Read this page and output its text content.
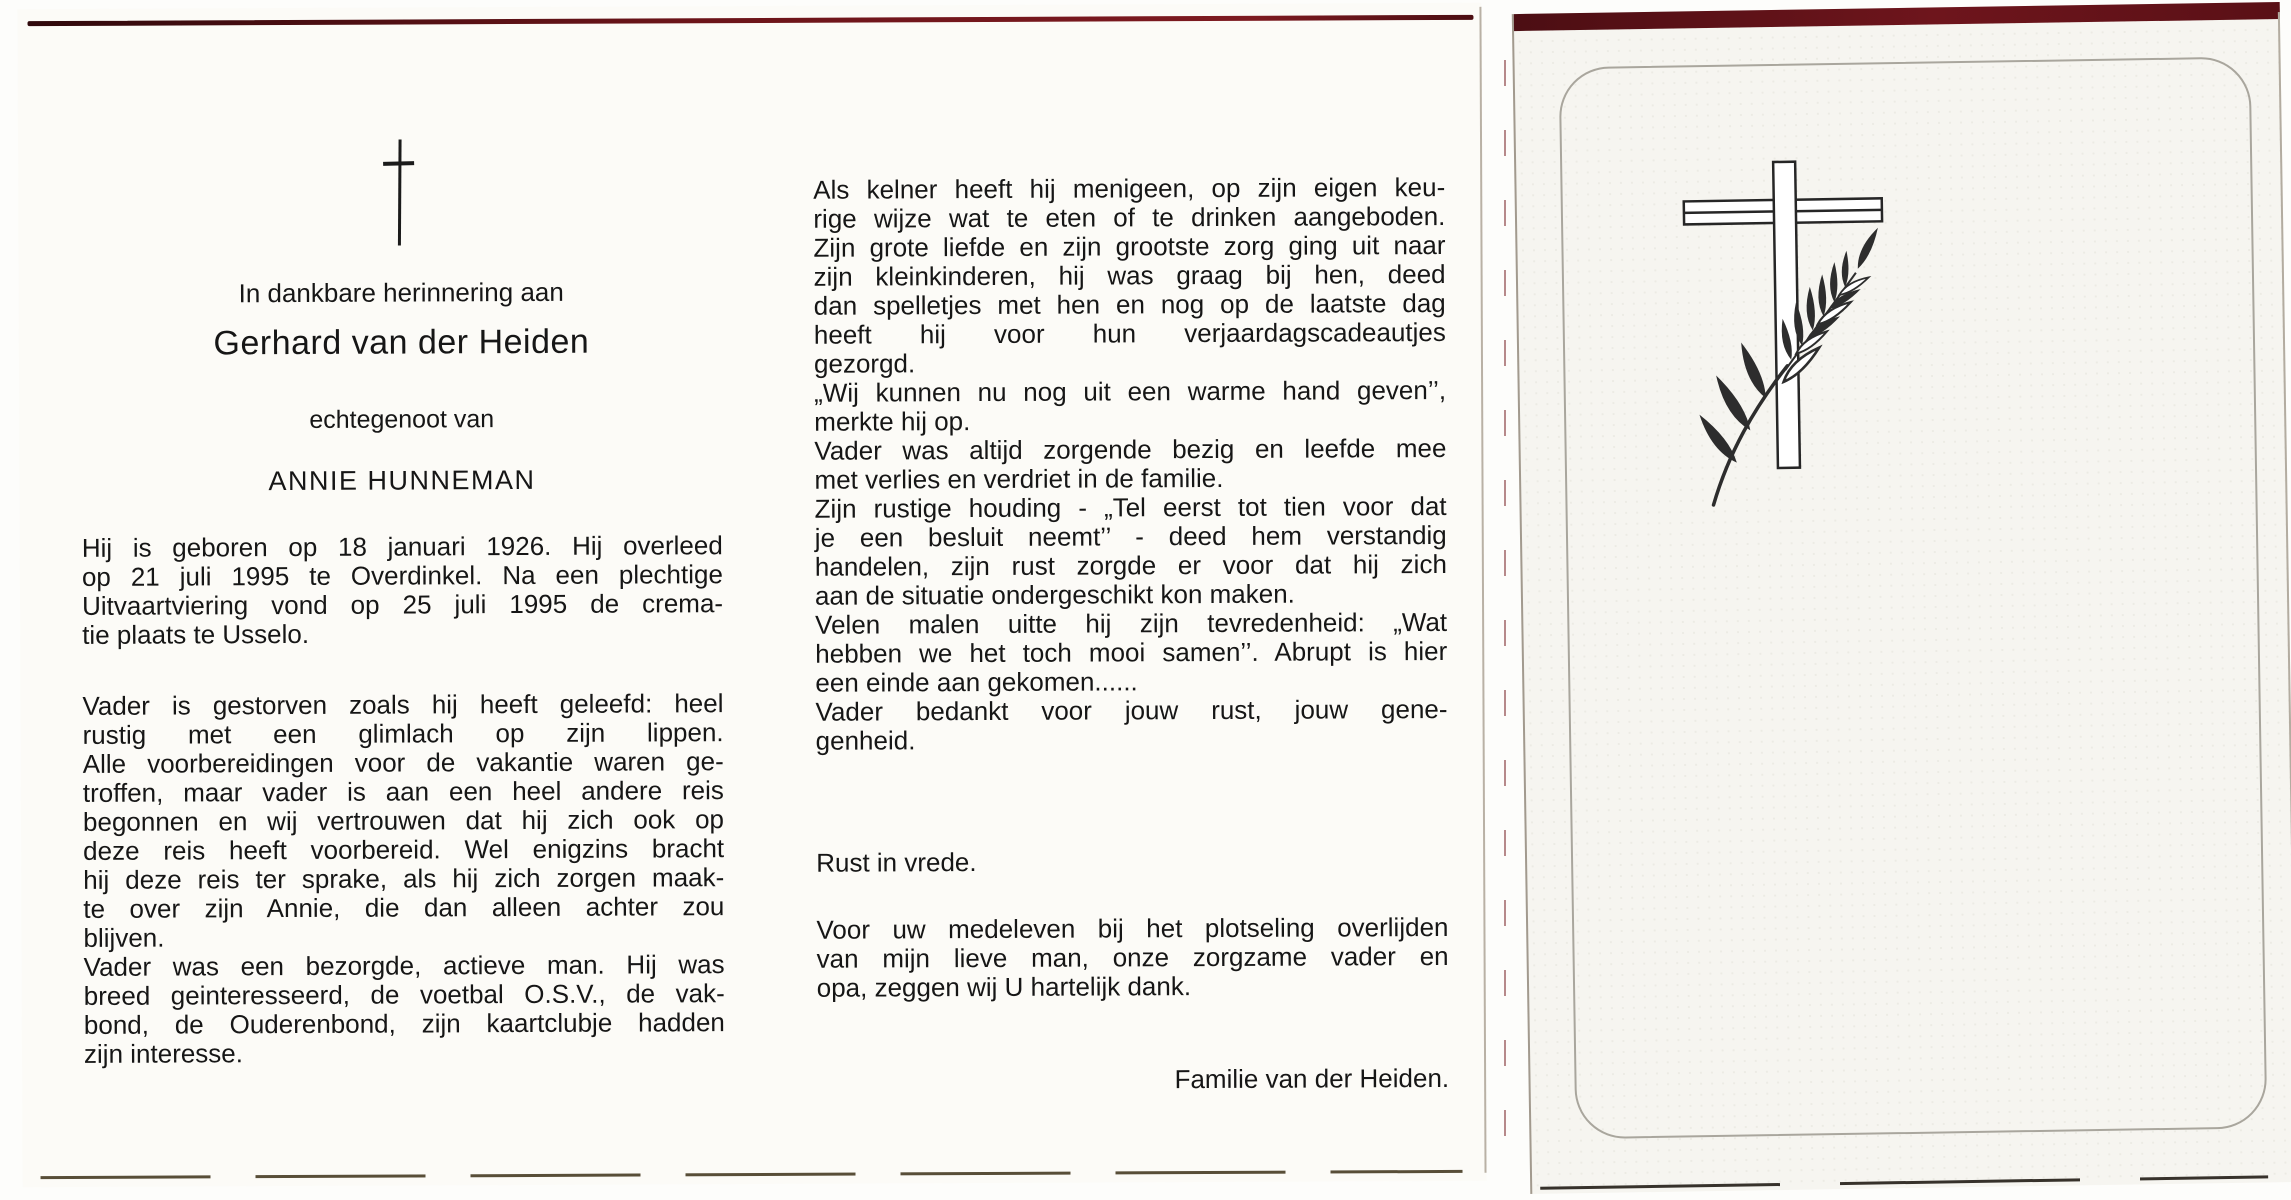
In dankbare herinnering aan
Gerhard van der Heiden
echtegenoot van
ANNIE HUNNEMAN
Hij is geboren op 18 januari 1926. Hij overleed
op 21 juli 1995 te Overdinkel. Na een plechtige
Uitvaartviering vond op 25 juli 1995 de crema-
tie plaats te Usselo.
Vader is gestorven zoals hij heeft geleefd: heel
rustig met een glimlach op zijn lippen.
Alle voorbereidingen voor de vakantie waren ge-
troffen, maar vader is aan een heel andere reis
begonnen en wij vertrouwen dat hij zich ook op
deze reis heeft voorbereid. Wel enigzins bracht
hij deze reis ter sprake, als hij zich zorgen maak-
te over zijn Annie, die dan alleen achter zou
blijven.
Vader was een bezorgde, actieve man. Hij was
breed geinteresseerd, de voetbal O.S.V., de vak-
bond, de Ouderenbond, zijn kaartclubje hadden
zijn interesse.
Als kelner heeft hij menigeen, op zijn eigen keu-
rige wijze wat te eten of te drinken aangeboden.
Zijn grote liefde en zijn grootste zorg ging uit naar
zijn kleinkinderen, hij was graag bij hen, deed
dan spelletjes met hen en nog op de laatste dag
heeft hij voor hun verjaardagscadeautjes
gezorgd.
„Wij kunnen nu nog uit een warme hand geven’’,
merkte hij op.
Vader was altijd zorgende bezig en leefde mee
met verlies en verdriet in de familie.
Zijn rustige houding - „Tel eerst tot tien voor dat
je een besluit neemt’’ - deed hem verstandig
handelen, zijn rust zorgde er voor dat hij zich
aan de situatie ondergeschikt kon maken.
Velen malen uitte hij zijn tevredenheid: „Wat
hebben we het toch mooi samen’’. Abrupt is hier
een einde aan gekomen......
Vader bedankt voor jouw rust, jouw gene-
genheid.
Rust in vrede.
Voor uw medeleven bij het plotseling overlijden
van mijn lieve man, onze zorgzame vader en
opa, zeggen wij U hartelijk dank.
Familie van der Heiden.
